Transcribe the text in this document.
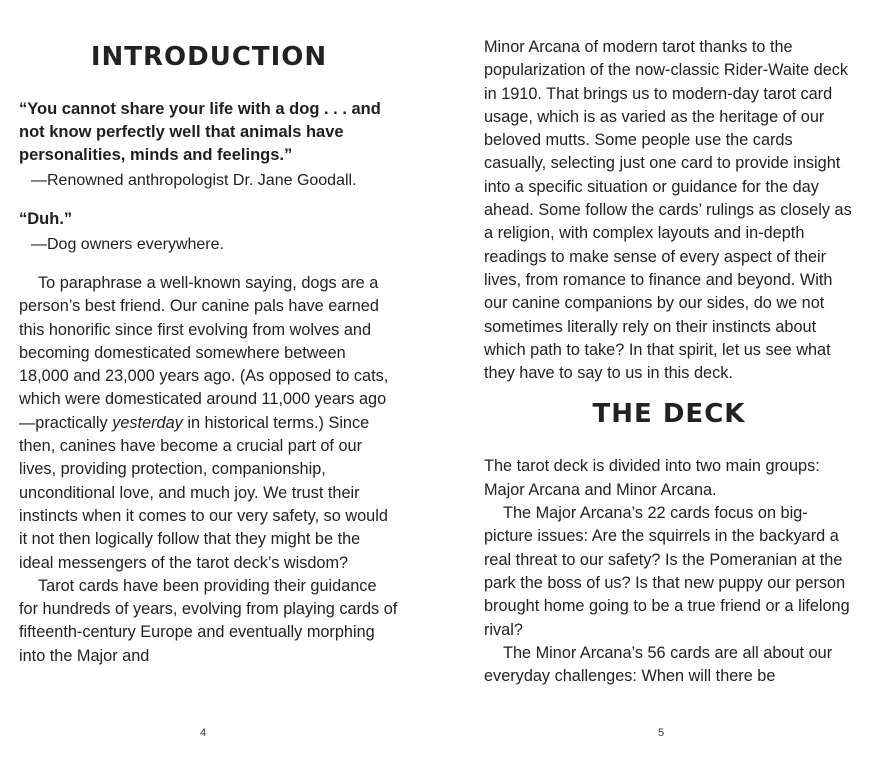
INTRODUCTION

“You cannot share your life with a dog . . . and not know perfectly well that animals have personalities, minds and feelings.”

—Renowned anthropologist Dr. Jane Goodall.

“Duh.”

—Dog owners everywhere.

To paraphrase a well-known saying, dogs are a person’s best friend. Our canine pals have earned this honorific since first evolving from wolves and becoming domesticated somewhere between 18,000 and 23,000 years ago. (As opposed to cats, which were domesticated around 11,000 years ago—practically yesterday in historical terms.) Since then, canines have become a crucial part of our lives, providing protection, companionship, unconditional love, and much joy. We trust their instincts when it comes to our very safety, so would it not then logically follow that they might be the ideal messengers of the tarot deck’s wisdom?

Tarot cards have been providing their guidance for hundreds of years, evolving from playing cards of fifteenth-century Europe and eventually morphing into the Major and

4

Minor Arcana of modern tarot thanks to the popularization of the now-classic Rider-Waite deck in 1910. That brings us to modern-day tarot card usage, which is as varied as the heritage of our beloved mutts. Some people use the cards casually, selecting just one card to provide insight into a specific situation or guidance for the day ahead. Some follow the cards’ rulings as closely as a religion, with complex layouts and in-depth readings to make sense of every aspect of their lives, from romance to finance and beyond. With our canine companions by our sides, do we not sometimes literally rely on their instincts about which path to take? In that spirit, let us see what they have to say to us in this deck.

THE DECK

The tarot deck is divided into two main groups: Major Arcana and Minor Arcana.

The Major Arcana’s 22 cards focus on big-picture issues: Are the squirrels in the backyard a real threat to our safety? Is the Pomeranian at the park the boss of us? Is that new puppy our person brought home going to be a true friend or a lifelong rival?

The Minor Arcana’s 56 cards are all about our everyday challenges: When will there be

5
